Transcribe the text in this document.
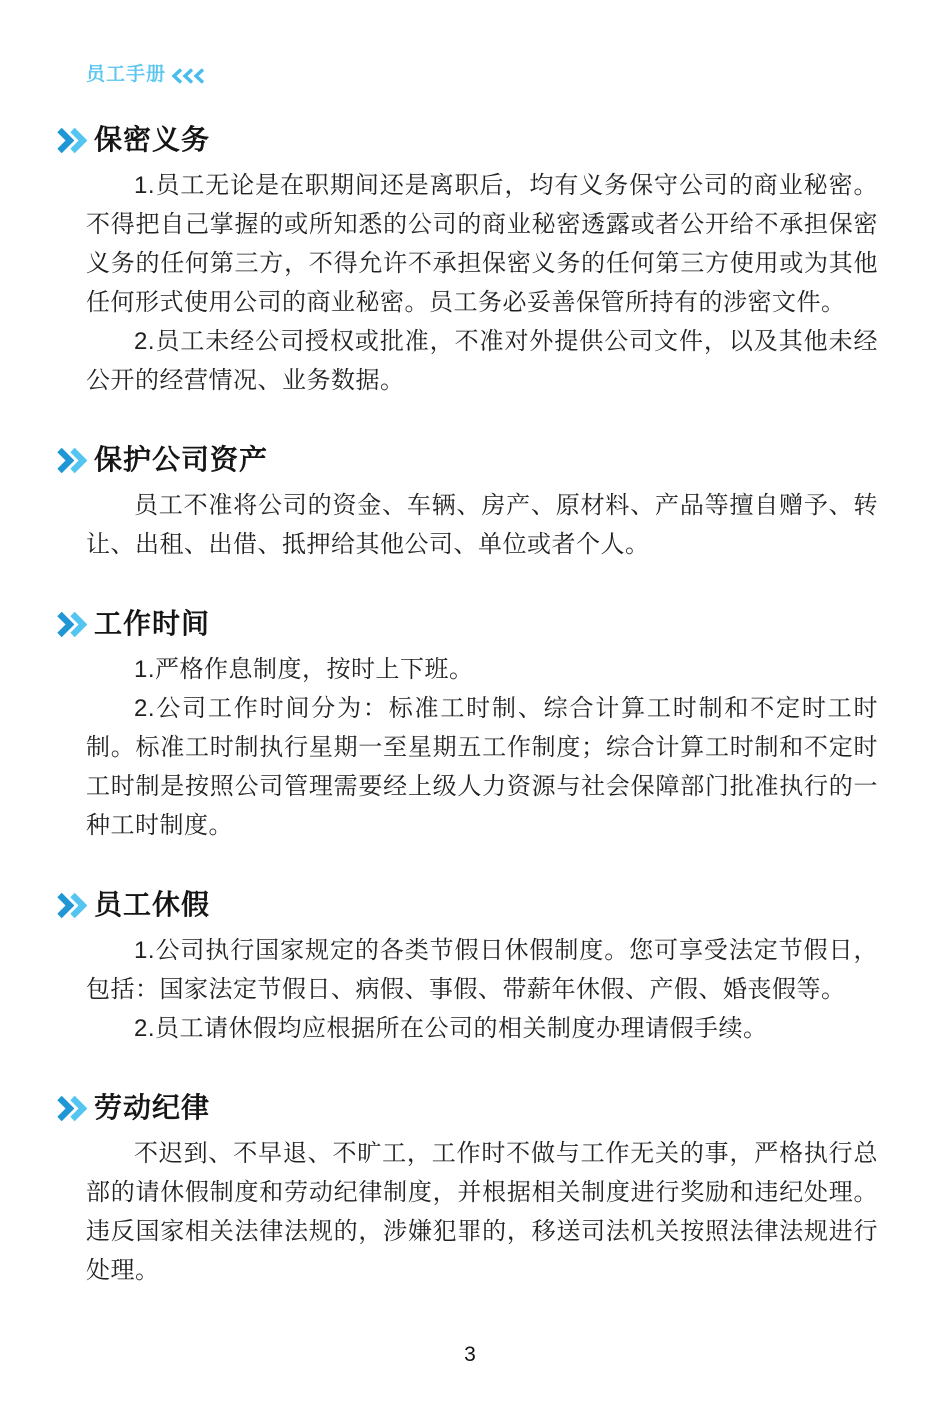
员工手册
保密义务

1.员工无论是在职期间还是离职后，均有义务保守公司的商业秘密。不得把自己掌握的或所知悉的公司的商业秘密透露或者公开给不承担保密义务的任何第三方，不得允许不承担保密义务的任何第三方使用或为其他任何形式使用公司的商业秘密。员工务必妥善保管所持有的涉密文件。

2.员工未经公司授权或批准，不准对外提供公司文件，以及其他未经公开的经营情况、业务数据。

保护公司资产

员工不准将公司的资金、车辆、房产、原材料、产品等擅自赠予、转让、出租、出借、抵押给其他公司、单位或者个人。

工作时间

1.严格作息制度，按时上下班。

2.公司工作时间分为：标准工时制、综合计算工时制和不定时工时制。标准工时制执行星期一至星期五工作制度；综合计算工时制和不定时工时制是按照公司管理需要经上级人力资源与社会保障部门批准执行的一种工时制度。

员工休假

1.公司执行国家规定的各类节假日休假制度。您可享受法定节假日，包括：国家法定节假日、病假、事假、带薪年休假、产假、婚丧假等。

2.员工请休假均应根据所在公司的相关制度办理请假手续。

劳动纪律

不迟到、不早退、不旷工，工作时不做与工作无关的事，严格执行总部的请休假制度和劳动纪律制度，并根据相关制度进行奖励和违纪处理。违反国家相关法律法规的，涉嫌犯罪的，移送司法机关按照法律法规进行处理。

3
